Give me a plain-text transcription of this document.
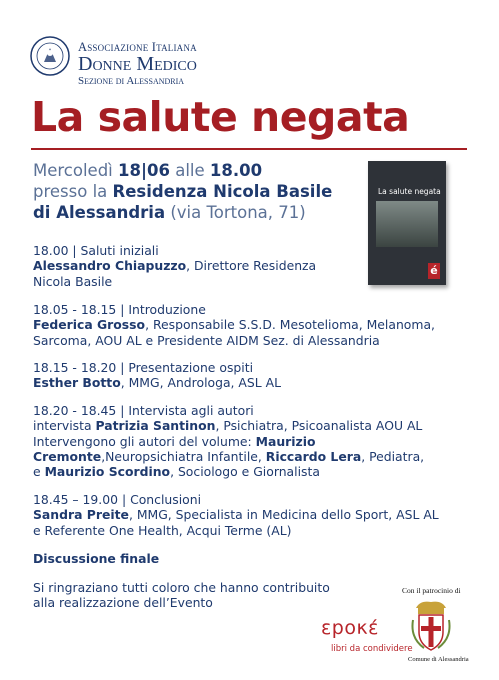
Associazione Italiana
Donne Medico
Sezione di Alessandria
La salute negata
Mercoledì 18|06 alle 18.00
presso la Residenza Nicola Basile
di Alessandria (via Tortona, 71)
La salute negata
é
18.00 | Saluti iniziali
Alessandro Chiapuzzo, Direttore Residenza
Nicola Basile
18.05 - 18.15 | Introduzione
Federica Grosso, Responsabile S.S.D. Mesotelioma, Melanoma,
Sarcoma, AOU AL e Presidente AIDM Sez. di Alessandria
18.15 - 18.20 | Presentazione ospiti
Esther Botto, MMG, Androloga, ASL AL
18.20 - 18.45 | Intervista agli autori
intervista Patrizia Santinon, Psichiatra, Psicoanalista AOU AL
Intervengono gli autori del volume: Maurizio
Cremonte,Neuropsichiatra Infantile, Riccardo Lera, Pediatra,
e Maurizio Scordino, Sociologo e Giornalista
18.45 – 19.00 | Conclusioni
Sandra Preite, MMG, Specialista in Medicina dello Sport, ASL AL
e Referente One Health, Acqui Terme (AL)
Discussione finale
Si ringraziano tutti coloro che hanno contribuito
alla realizzazione dell’Evento
εpoκέ
libri da condividere
Con il patrocinio di
Comune di Alessandria
